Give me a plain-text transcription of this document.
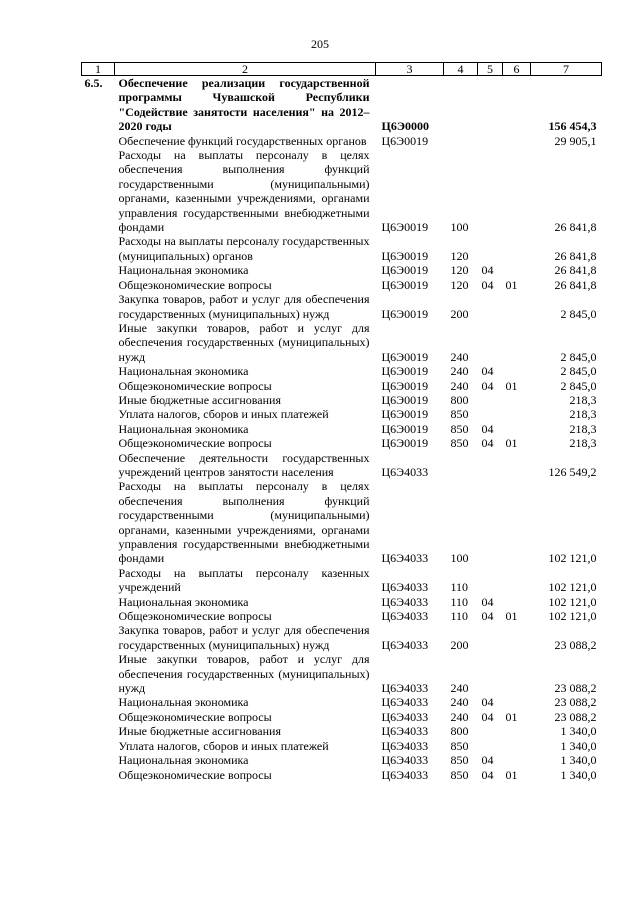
205
1	2	3	4	5	6	7
6.5.	Обеспечение реализации государственной программы Чувашской Республики "Содействие занятости населения" на 2012–2020 годы	Ц6Э0000				156 454,3
	Обеспечение функций государственных органов	Ц6Э0019				29 905,1
	Расходы на выплаты персоналу в целях обеспечения выполнения функций государственными (муниципальными) органами, казенными учреждениями, органами управления государственными внебюджетными фондами	Ц6Э0019	100			26 841,8
	Расходы на выплаты персоналу государственных (муниципальных) органов	Ц6Э0019	120			26 841,8
	Национальная экономика	Ц6Э0019	120	04		26 841,8
	Общеэкономические вопросы	Ц6Э0019	120	04	01	26 841,8
	Закупка товаров, работ и услуг для обеспечения государственных (муниципальных) нужд	Ц6Э0019	200			2 845,0
	Иные закупки товаров, работ и услуг для обеспечения государственных (муниципальных) нужд	Ц6Э0019	240			2 845,0
	Национальная экономика	Ц6Э0019	240	04		2 845,0
	Общеэкономические вопросы	Ц6Э0019	240	04	01	2 845,0
	Иные бюджетные ассигнования	Ц6Э0019	800			218,3
	Уплата налогов, сборов и иных платежей	Ц6Э0019	850			218,3
	Национальная экономика	Ц6Э0019	850	04		218,3
	Общеэкономические вопросы	Ц6Э0019	850	04	01	218,3
	Обеспечение деятельности государственных учреждений центров занятости населения	Ц6Э4033				126 549,2
	Расходы на выплаты персоналу в целях обеспечения выполнения функций государственными (муниципальными) органами, казенными учреждениями, органами управления государственными внебюджетными фондами	Ц6Э4033	100			102 121,0
	Расходы на выплаты персоналу казенных учреждений	Ц6Э4033	110			102 121,0
	Национальная экономика	Ц6Э4033	110	04		102 121,0
	Общеэкономические вопросы	Ц6Э4033	110	04	01	102 121,0
	Закупка товаров, работ и услуг для обеспечения государственных (муниципальных) нужд	Ц6Э4033	200			23 088,2
	Иные закупки товаров, работ и услуг для обеспечения государственных (муниципальных) нужд	Ц6Э4033	240			23 088,2
	Национальная экономика	Ц6Э4033	240	04		23 088,2
	Общеэкономические вопросы	Ц6Э4033	240	04	01	23 088,2
	Иные бюджетные ассигнования	Ц6Э4033	800			1 340,0
	Уплата налогов, сборов и иных платежей	Ц6Э4033	850			1 340,0
	Национальная экономика	Ц6Э4033	850	04		1 340,0
	Общеэкономические вопросы	Ц6Э4033	850	04	01	1 340,0
